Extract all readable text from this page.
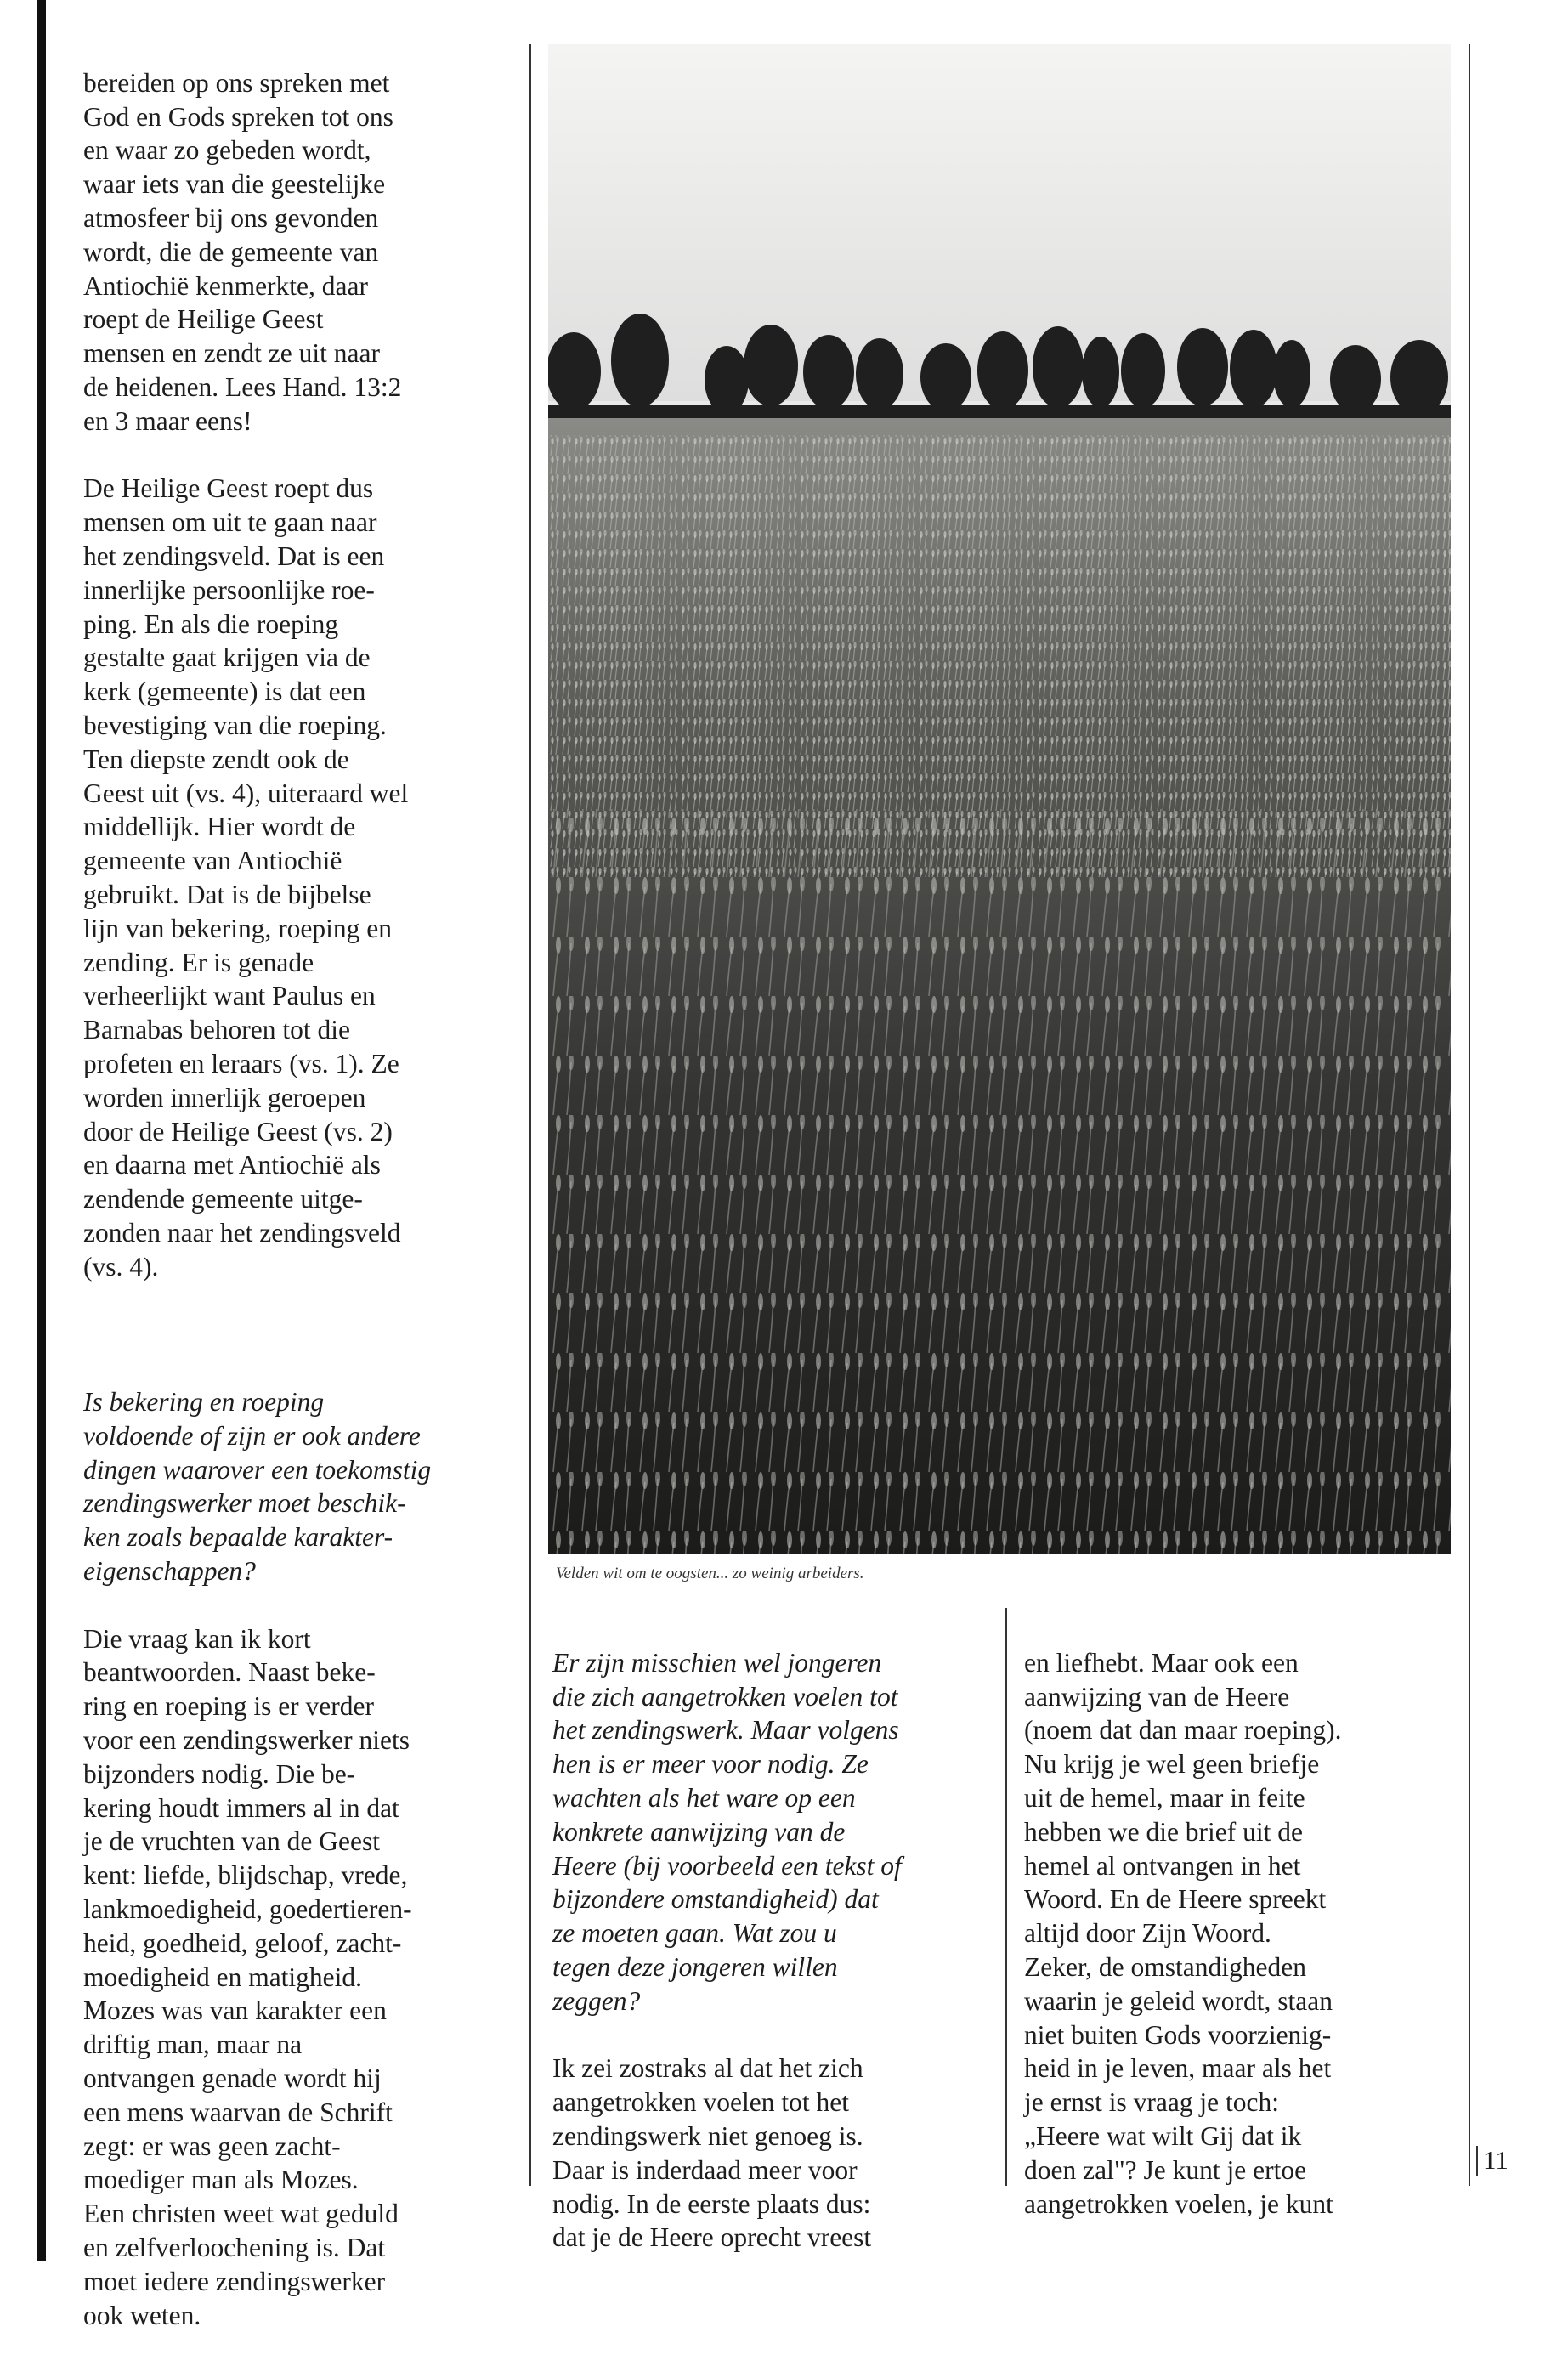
bereiden op ons spreken met
God en Gods spreken tot ons
en waar zo gebeden wordt,
waar iets van die geestelijke
atmosfeer bij ons gevonden
wordt, die de gemeente van
Antiochië kenmerkte, daar
roept de Heilige Geest
mensen en zendt ze uit naar
de heidenen. Lees Hand. 13:2
en 3 maar eens!

De Heilige Geest roept dus
mensen om uit te gaan naar
het zendingsveld. Dat is een
innerlijke persoonlijke roe-
ping. En als die roeping
gestalte gaat krijgen via de
kerk (gemeente) is dat een
bevestiging van die roeping.
Ten diepste zendt ook de
Geest uit (vs. 4), uiteraard wel
middellijk. Hier wordt de
gemeente van Antiochië
gebruikt. Dat is de bijbelse
lijn van bekering, roeping en
zending. Er is genade
verheerlijkt want Paulus en
Barnabas behoren tot die
profeten en leraars (vs. 1). Ze
worden innerlijk geroepen
door de Heilige Geest (vs. 2)
en daarna met Antiochië als
zendende gemeente uitge-
zonden naar het zendingsveld
(vs. 4).

Is bekering en roeping
voldoende of zijn er ook andere
dingen waarover een toekomstig
zendingswerker moet beschik-
ken zoals bepaalde karakter-
eigenschappen?

Die vraag kan ik kort
beantwoorden. Naast beke-
ring en roeping is er verder
voor een zendingswerker niets
bijzonders nodig. Die be-
kering houdt immers al in dat
je de vruchten van de Geest
kent: liefde, blijdschap, vrede,
lankmoedigheid, goedertieren-
heid, goedheid, geloof, zacht-
moedigheid en matigheid.
Mozes was van karakter een
driftig man, maar na
ontvangen genade wordt hij
een mens waarvan de Schrift
zegt: er was geen zacht-
moediger man als Mozes.
Een christen weet wat geduld
en zelfverloochening is. Dat
moet iedere zendingswerker
ook weten.

Velden wit om te oogsten... zo weinig arbeiders.

Er zijn misschien wel jongeren
die zich aangetrokken voelen tot
het zendingswerk. Maar volgens
hen is er meer voor nodig. Ze
wachten als het ware op een
konkrete aanwijzing van de
Heere (bij voorbeeld een tekst of
bijzondere omstandigheid) dat
ze moeten gaan. Wat zou u
tegen deze jongeren willen
zeggen?

Ik zei zostraks al dat het zich
aangetrokken voelen tot het
zendingswerk niet genoeg is.
Daar is inderdaad meer voor
nodig. In de eerste plaats dus:
dat je de Heere oprecht vreest

en liefhebt. Maar ook een
aanwijzing van de Heere
(noem dat dan maar roeping).
Nu krijg je wel geen briefje
uit de hemel, maar in feite
hebben we die brief uit de
hemel al ontvangen in het
Woord. En de Heere spreekt
altijd door Zijn Woord.
Zeker, de omstandigheden
waarin je geleid wordt, staan
niet buiten Gods voorzienig-
heid in je leven, maar als het
je ernst is vraag je toch:
„Heere wat wilt Gij dat ik
doen zal"? Je kunt je ertoe
aangetrokken voelen, je kunt

11
